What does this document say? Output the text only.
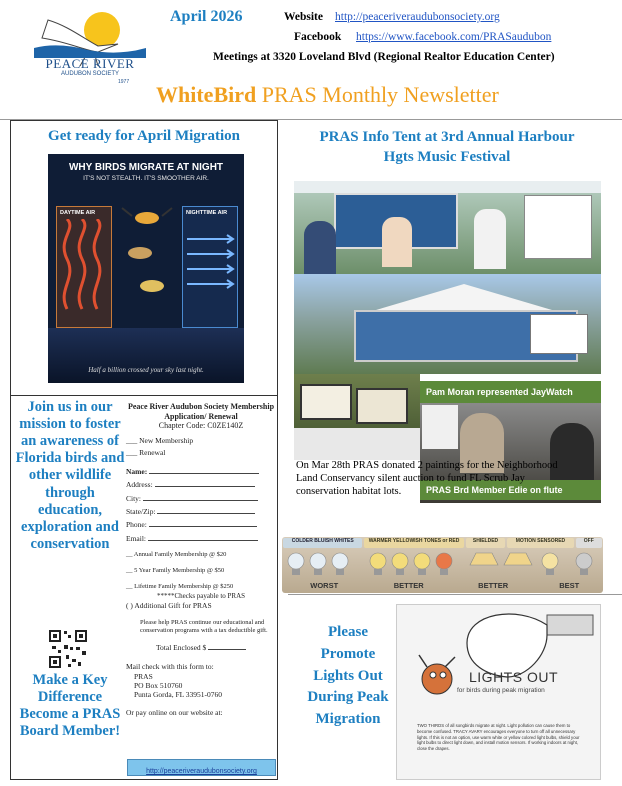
PEACE RIVER
AUDUBON SOCIETY
1977
April 2026	Website http://peaceriveraudubonsociety.org
Facebook https://www.facebook.com/PRASaudubon
Meetings at 3320 Loveland Blvd (Regional Realtor Education Center)
WhiteBird PRAS Monthly Newsletter
Get ready for April Migration
WHY BIRDS MIGRATE AT NIGHT
IT'S NOT STEALTH. IT'S SMOOTHER AIR.
DAYTIME AIR	NIGHTTIME AIR
Half a billion crossed your sky last night.
Join us in our mission to foster an awareness of Florida birds and other wildlife through education, exploration and conservation
Make a Key Difference Become a PRAS Board Member!
Peace River Audubon Society Membership Application/ Renewal
Chapter Code: C0ZE140Z
___ New Membership
___ Renewal
Name:
Address:
City:
State/Zip:
Phone:
Email:
__ Annual Family Membership @ $20
__ 5 Year Family Membership @ $50
__ Lifetime Family Membership @ $250
*****Checks payable to PRAS
( ) Additional Gift for PRAS
Please help PRAS continue our educational and conservation programs with a tax deductible gift.
Total Enclosed $
Mail check with this form to:
PRAS
PO Box 510760
Punta Gorda, FL 33951-0760
Or pay online on our website at:
http://peaceriveraudubonsociety.org
PRAS Info Tent at 3rd Annual Harbour Hgts Music Festival
Pam Moran represented JayWatch
PRAS Brd Member Edie on flute
On Mar 28th PRAS donated 2 paintings for the Neighborhood Land Conservancy silent auction to fund FL Scrub Jay conservation habitat lots.
COLDER BLUISH WHITES	WARMER YELLOWISH TONES or RED	SHIELDED	MOTION SENSORED	OFF
WORST	BETTER	BETTER	BEST
Please Promote Lights Out During Peak Migration
LIGHTS OUT
for birds during peak migration
TWO THIRDS of all songbirds migrate at night. Light pollution can cause them to become confused. TRACY AVARY encourages everyone to turn off all unnecessary lights. If this is not an option, use warm white or yellow colored light bulbs, shield your light bulbs to direct light down, and install motion sensors. If working indoors at night, close the drapes.
